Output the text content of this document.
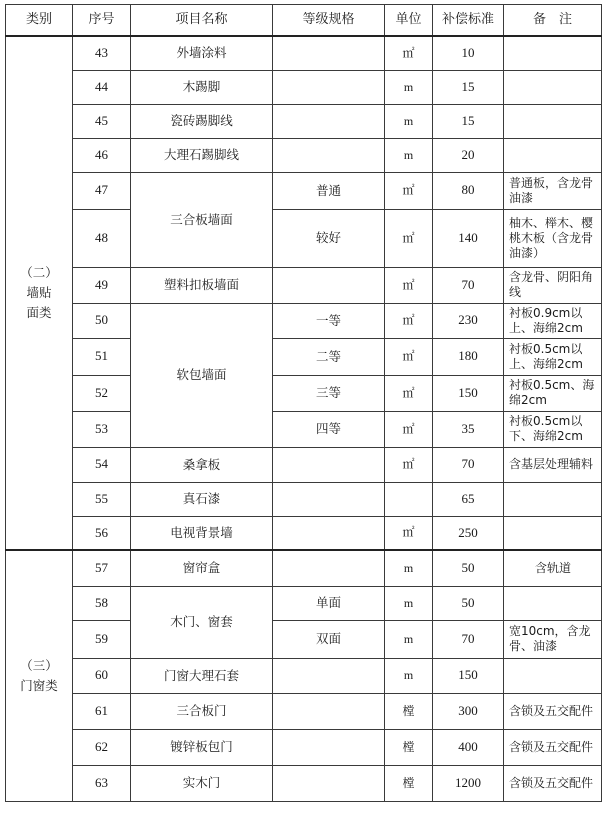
类别	序号	项目名称	等级规格	单位	补偿标准	备　注

（二）
墙贴
面类	43	外墙涂料		㎡	10	
	44	木踢脚		m	15	
	45	瓷砖踢脚线		m	15	
	46	大理石踢脚线		m	20	
	47	三合板墙面	普通	㎡	80	普通板，含龙骨油漆
	48		较好	㎡	140	柚木、榉木、樱桃木板（含龙骨油漆）
	49	塑料扣板墙面		㎡	70	含龙骨、阴阳角线
	50	软包墙面	一等	㎡	230	衬板0.9cm以上、海绵2cm
	51		二等	㎡	180	衬板0.5cm以上、海绵2cm
	52		三等	㎡	150	衬板0.5cm、海绵2cm
	53		四等	㎡	35	衬板0.5cm以下、海绵2cm
	54	桑拿板		㎡	70	含基层处理辅料
	55	真石漆			65	
	56	电视背景墙		㎡	250	

（三）
门窗类	57	窗帘盒		m	50	含轨道
	58	木门、窗套	单面	m	50	
	59		双面	m	70	宽10cm，含龙骨、油漆
	60	门窗大理石套		m	150	
	61	三合板门		樘	300	含锁及五交配件
	62	镀锌板包门		樘	400	含锁及五交配件
	63	实木门		樘	1200	含锁及五交配件
